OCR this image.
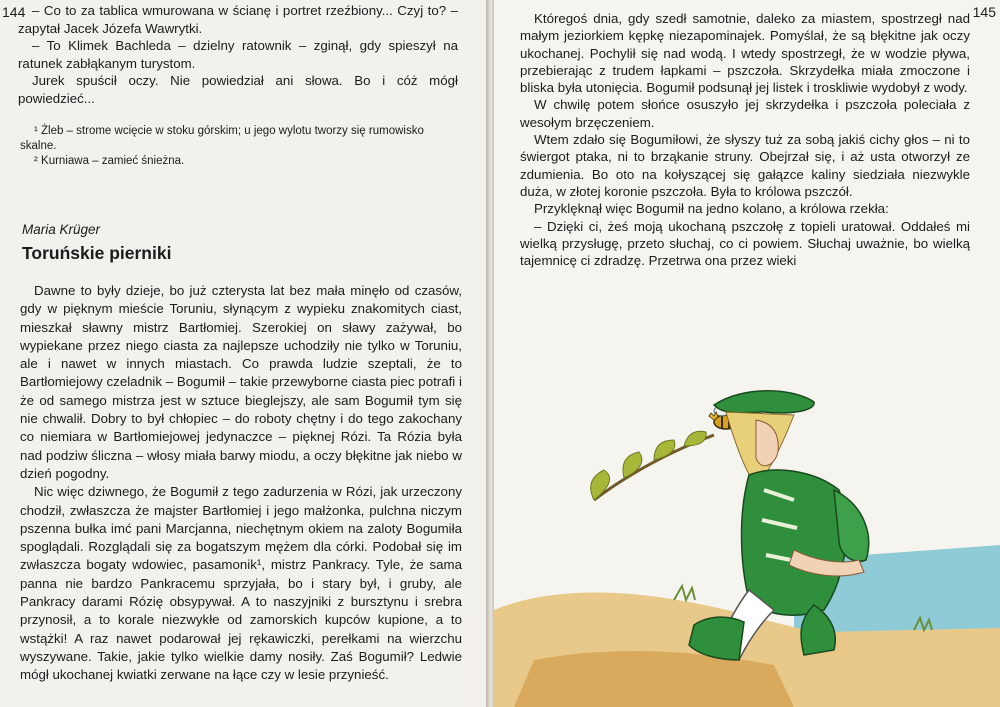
144 – Co to za tablica wmurowana w ścianę i portret rzeźbiony... Czyj to? – zapytał Jacek Józefa Wawrytki.

– To Klimek Bachleda – dzielny ratownik – zginął, gdy spieszył na ratunek zabłąkanym turystom.

Jurek spuścił oczy. Nie powiedział ani słowa. Bo i cóż mógł powiedzieć...

¹ Żleb – strome wcięcie w stoku górskim; u jego wylotu tworzy się rumowisko skalne.

² Kurniawa – zamieć śnieżna.

Maria Krüger
Toruńskie pierniki

Dawne to były dzieje, bo już czterysta lat bez mała minęło od czasów, gdy w pięknym mieście Toruniu, słynącym z wypieku znakomitych ciast, mieszkał sławny mistrz Bartłomiej. Szerokiej on sławy zażywał, bo wypiekane przez niego ciasta za najlepsze uchodziły nie tylko w Toruniu, ale i nawet w innych miastach. Co prawda ludzie szeptali, że to Bartłomiejowy czeladnik – Bogumił – takie przewyborne ciasta piec potrafi i że od samego mistrza jest w sztuce bieglejszy, ale sam Bogumił tym się nie chwalił. Dobry to był chłopiec – do roboty chętny i do tego zakochany co niemiara w Bartłomiejowej jedynaczce – pięknej Rózi. Ta Rózia była nad podziw śliczna – włosy miała barwy miodu, a oczy błękitne jak niebo w dzień pogodny.

Nic więc dziwnego, że Bogumił z tego zadurzenia w Rózi, jak urzeczony chodził, zwłaszcza że majster Bartłomiej i jego małżonka, pulchna niczym pszenna bułka imć pani Marcjanna, niechętnym okiem na zaloty Bogumiła spoglądali. Rozglądali się za bogatszym mężem dla córki. Podobał się im zwłaszcza bogaty wdowiec, pasamonik¹, mistrz Pankracy. Tyle, że sama panna nie bardzo Pankracemu sprzyjała, bo i stary był, i gruby, ale Pankracy darami Rózię obsypywał. A to naszyjniki z bursztynu i srebra przynosił, a to korale niezwykłe od zamorskich kupców kupione, a to wstążki! A raz nawet podarował jej rękawiczki, perełkami na wierzchu wyszywane. Takie, jakie tylko wielkie damy nosiły. Zaś Bogumił? Ledwie mógł ukochanej kwiatki zerwane na łące czy w lesie przynieść.

145

Któregoś dnia, gdy szedł samotnie, daleko za miastem, spostrzegł nad małym jeziorkiem kępkę niezapominajek. Pomyślał, że są błękitne jak oczy ukochanej. Pochylił się nad wodą. I wtedy spostrzegł, że w wodzie pływa, przebierając z trudem łapkami – pszczoła. Skrzydełka miała zmoczone i bliska była utonięcia. Bogumił podsunął jej listek i troskliwie wydobył z wody.

W chwilę potem słońce osuszyło jej skrzydełka i pszczoła poleciała z wesołym brzęczeniem.

Wtem zdało się Bogumiłowi, że słyszy tuż za sobą jakiś cichy głos – ni to świergot ptaka, ni to brząkanie struny. Obejrzał się, i aż usta otworzył ze zdumienia. Bo oto na kołyszącej się gałązce kaliny siedziała niezwykle duża, w złotej koronie pszczoła. Była to królowa pszczół.

Przyklęknął więc Bogumił na jedno kolano, a królowa rzekła:

– Dzięki ci, żeś moją ukochaną pszczołę z topieli uratował. Oddałeś mi wielką przysługę, przeto słuchaj, co ci powiem. Słuchaj uważnie, bo wielką tajemnicę ci zdradzę. Przetrwa ona przez wieki
